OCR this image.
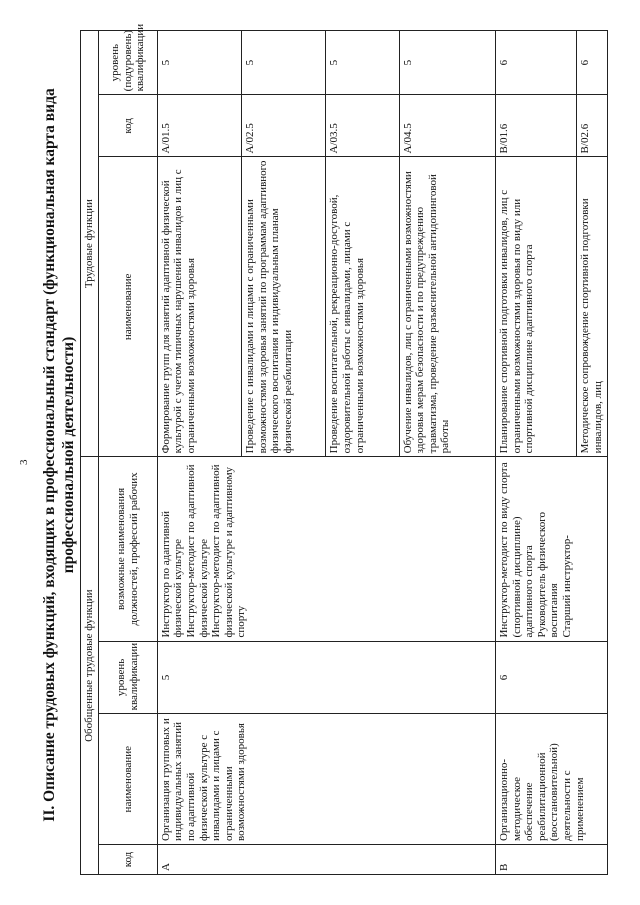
3 II. Описание трудовых функций, входящих в профессиональный стандарт (функциональная карта вида профессиональной деятельности)
Обобщенные трудовые функции				Трудовые функции		
код	наименование	уровень квалификации	возможные наименования должностей, профессий рабочих	наименование	код	уровень (подуровень) квалификации
А	Организация групповых и индивидуальных занятий по адаптивной физической культуре с инвалидами и лицами с ограниченными возможностями здоровья	5	Инструктор по адаптивной физической культуре
Инструктор-методист по адаптивной физической культуре
Инструктор-методист по адаптивной физической культуре и адаптивному спорту	Формирование групп для занятий адаптивной физической культурой с учетом типичных нарушений инвалидов и лиц с ограниченными возможностями здоровья	A/01.5	5
				Проведение с инвалидами и лицами с ограниченными возможностями здоровья занятий по программам адаптивного физического воспитания и индивидуальным планам физической реабилитации	A/02.5	5
				Проведение воспитательной, рекреационно-досуговой, оздоровительной работы с инвалидами, лицами с ограниченными возможностями здоровья	A/03.5	5
				Обучение инвалидов, лиц с ограниченными возможностями здоровья мерам безопасности и по предупреждению травматизма, проведение разъяснительной антидопинговой работы	A/04.5	5
В	Организационно-методическое обеспечение реабилитационной (восстановительной) деятельности с применением	6	Инструктор-методист по виду спорта (спортивной дисциплине) адаптивного спорта
Руководитель физического воспитания
Старший инструктор-	Планирование спортивной подготовки инвалидов, лиц с ограниченными возможностями здоровья по виду или спортивной дисциплине адаптивного спорта	B/01.6	6
				Методическое сопровождение спортивной подготовки инвалидов, лиц	B/02.6	6
